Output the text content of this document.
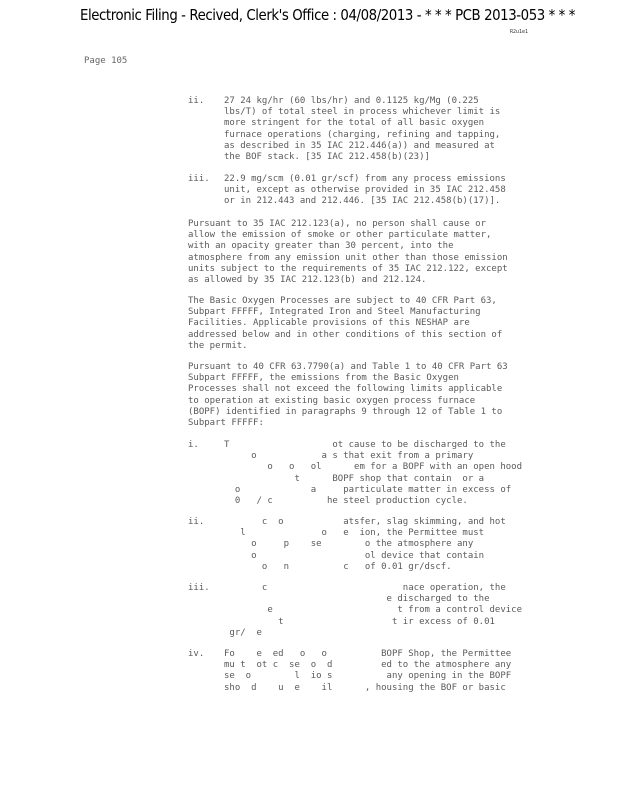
Electronic Filing - Recived, Clerk's Office : 04/08/2013 - * * * PCB 2013-053 * * *
R2u1e1
Page 105
ii. 27 24 kg/hr (60 lbs/hr) and 0.1125 kg/Mg (0.225
lbs/T) of total steel in process whichever limit is
more stringent for the total of all basic oxygen
furnace operations (charging, refining and tapping,
as described in 35 IAC 212.446(a)) and measured at
the BOF stack. [35 IAC 212.458(b)(23)]
iii. 22.9 mg/scm (0.01 gr/scf) from any process emissions
unit, except as otherwise provided in 35 IAC 212.458
or in 212.443 and 212.446. [35 IAC 212.458(b)(17)].
Pursuant to 35 IAC 212.123(a), no person shall cause or
allow the emission of smoke or other particulate matter,
with an opacity greater than 30 percent, into the
atmosphere from any emission unit other than those emission
units subject to the requirements of 35 IAC 212.122, except
as allowed by 35 IAC 212.123(b) and 212.124.
The Basic Oxygen Processes are subject to 40 CFR Part 63,
Subpart FFFFF, Integrated Iron and Steel Manufacturing
Facilities. Applicable provisions of this NESHAP are
addressed below and in other conditions of this section of
the permit.
Pursuant to 40 CFR 63.7790(a) and Table 1 to 40 CFR Part 63
Subpart FFFFF, the emissions from the Basic Oxygen
Processes shall not exceed the following limits applicable
to operation at existing basic oxygen process furnace
(BOPF) identified in paragraphs 9 through 12 of Table 1 to
Subpart FFFFF:
i.	T                   ot cause to be discharged to the
o            a s that exit from a primary
o   o   ol      em for a BOPF with an open hood
t      BOPF shop that contain  or a
o             a     particulate matter in excess of
0   / c          he steel production cycle.
ii.	c  o           atsfer, slag skimming, and hot
l              o   e  ion, the Permittee must
o     p    se        o the atmosphere any
o                    ol device that contain
o   n          c   of 0.01 gr/dscf.
iii.	c                         nace operation, the
e discharged to the
e                       t from a control device
t                    t ir excess of 0.01
gr/  e
iv. Fo    e  ed   o   o          BOPF Shop, the Permittee
mu t  ot c  se  o  d         ed to the atmosphere any
se  o        l  io s          any opening in the BOPF
sho  d    u  e    il      , housing the BOF or basic
